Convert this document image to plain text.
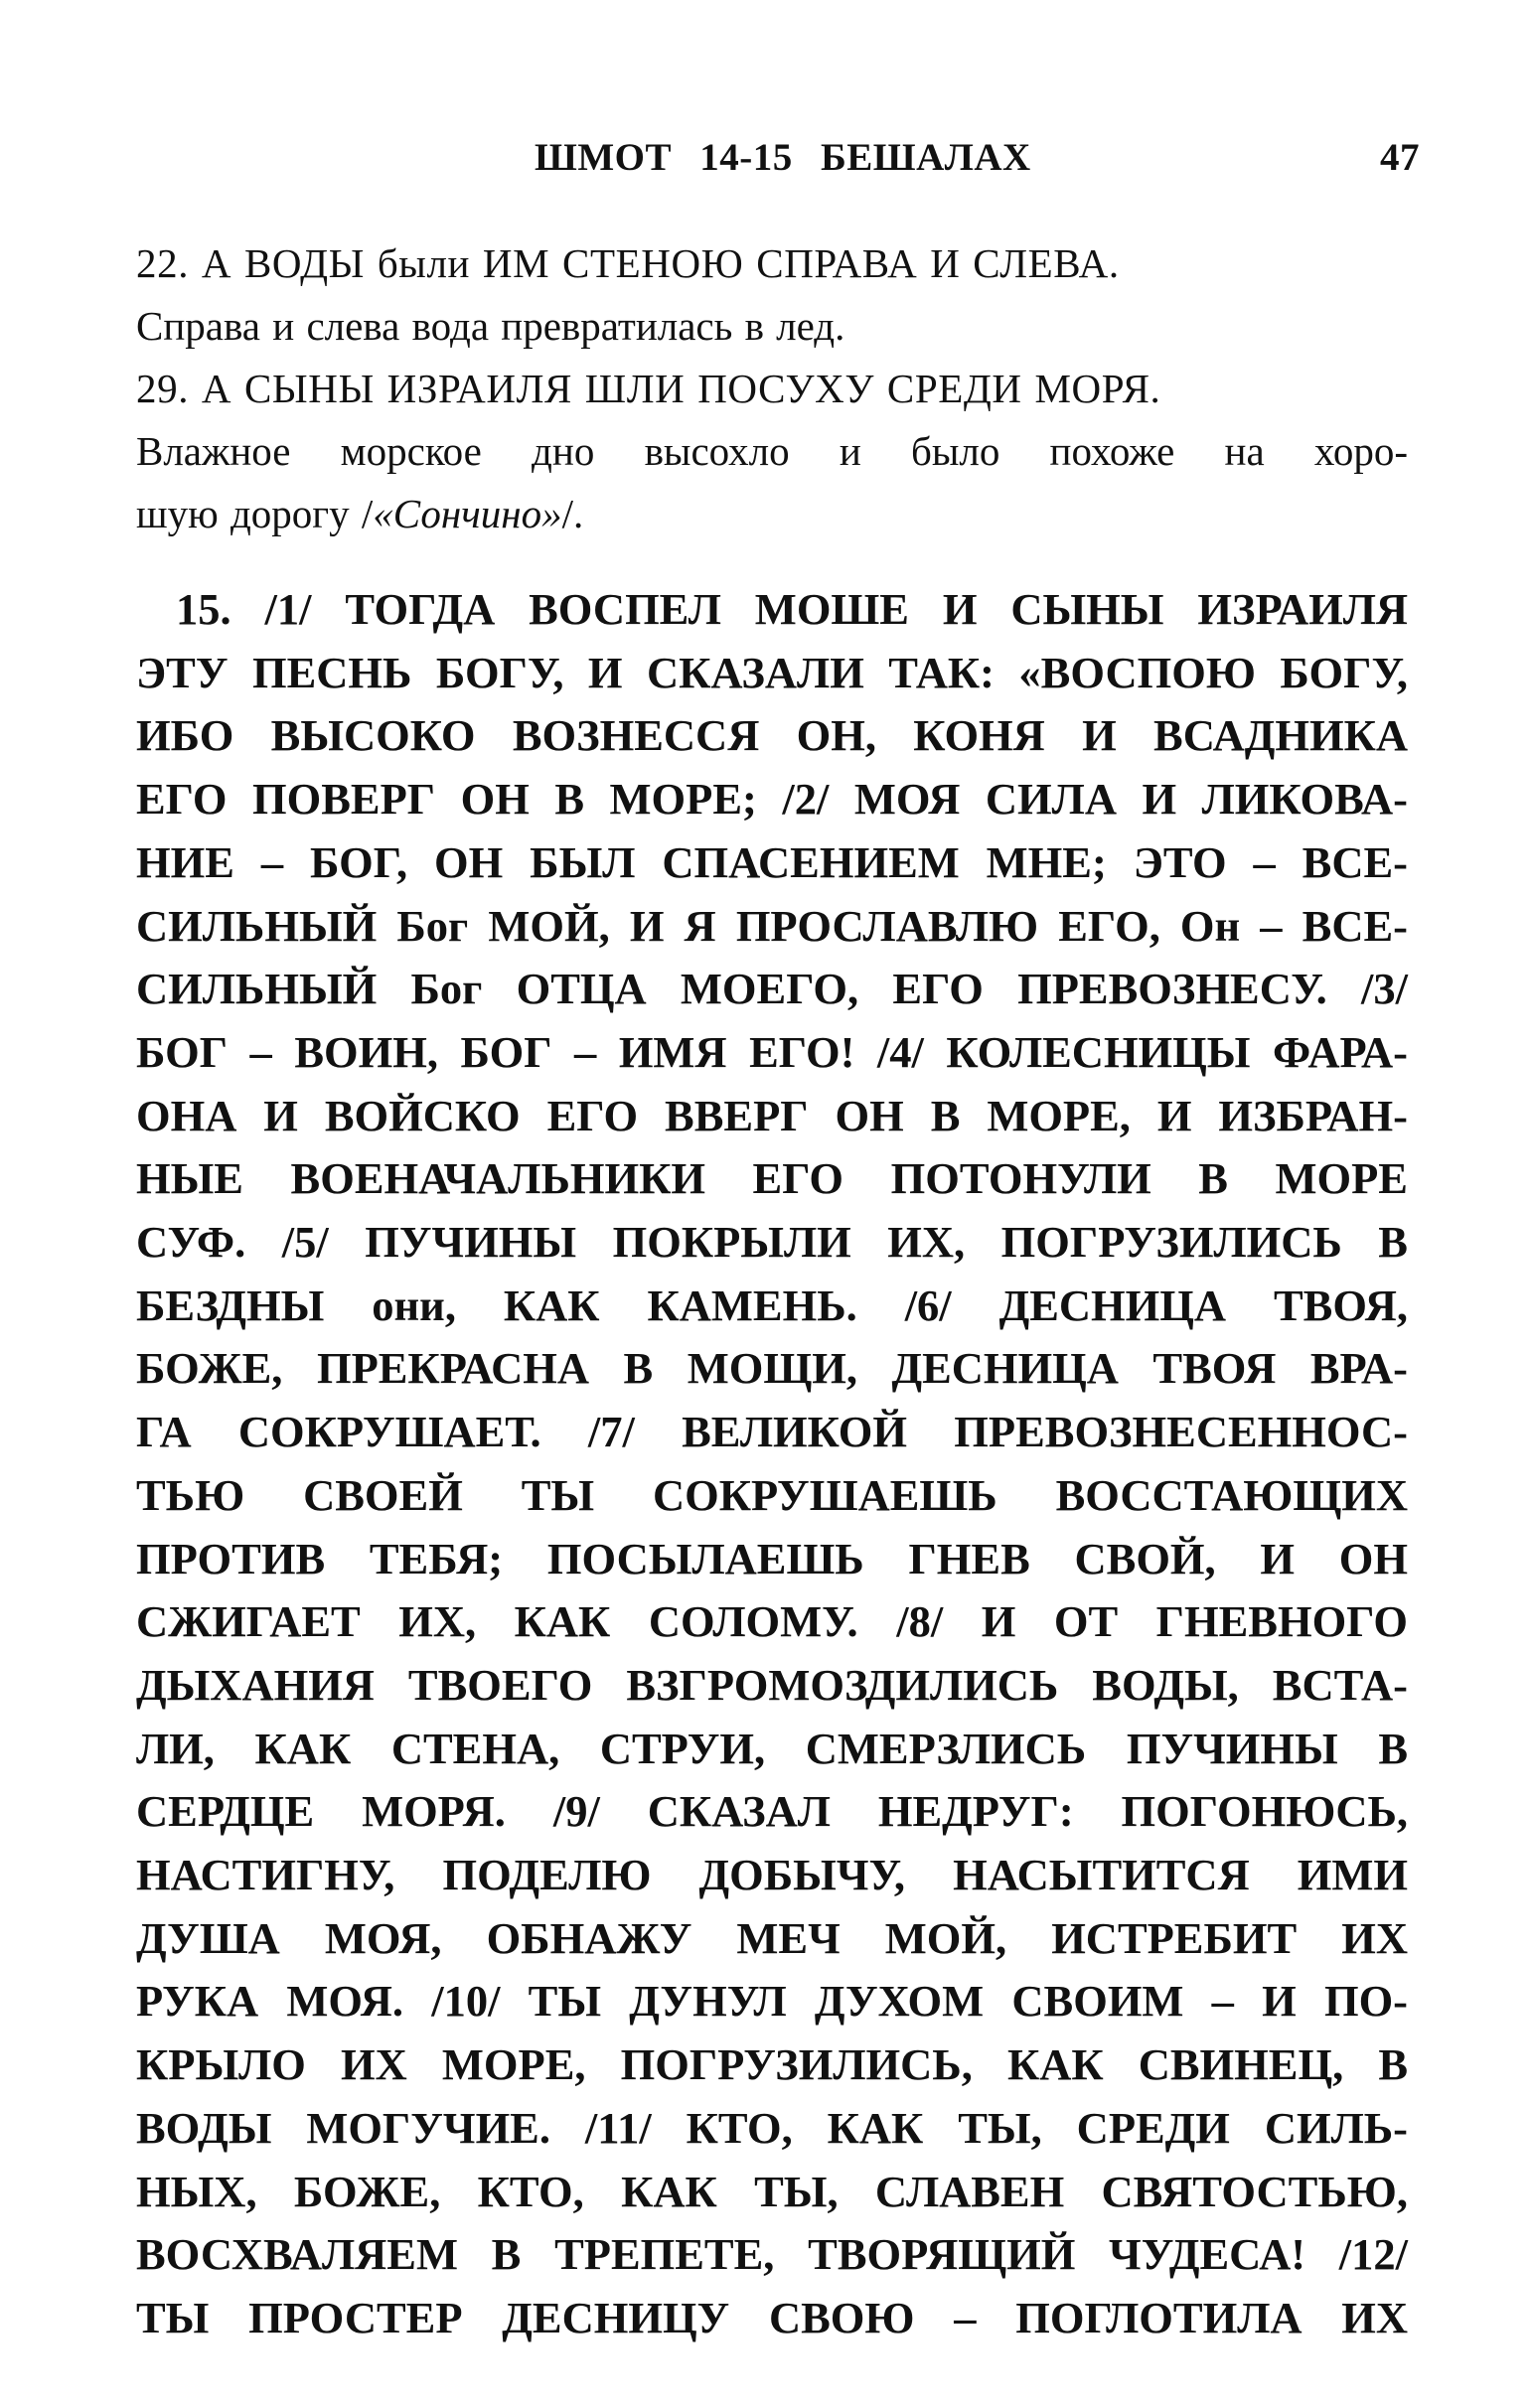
ШМОТ 14-15 БЕШАЛАХ	47

22. А ВОДЫ были ИМ СТЕНОЮ СПРАВА И СЛЕВА.

Справа и слева вода превратилась в лед.

29. А СЫНЫ ИЗРАИЛЯ ШЛИ ПОСУХУ СРЕДИ МОРЯ.

Влажное морское дно высохло и было похоже на хоро-

шую дорогу /«Сончино»/.

15. /1/ ТОГДА ВОСПЕЛ МОШЕ И СЫНЫ ИЗРАИЛЯ
ЭТУ ПЕСНЬ БОГУ, И СКАЗАЛИ ТАК: «ВОСПОЮ БОГУ,
ИБО ВЫСОКО ВОЗНЕССЯ ОН, КОНЯ И ВСАДНИКА
ЕГО ПОВЕРГ ОН В МОРЕ; /2/ МОЯ СИЛА И ЛИКОВА-
НИЕ – БОГ, ОН БЫЛ СПАСЕНИЕМ МНЕ; ЭТО – ВСЕ-
СИЛЬНЫЙ Бог МОЙ, И Я ПРОСЛАВЛЮ ЕГО, Он – ВСЕ-
СИЛЬНЫЙ Бог ОТЦА МОЕГО, ЕГО ПРЕВОЗНЕСУ. /3/
БОГ – ВОИН, БОГ – ИМЯ ЕГО! /4/ КОЛЕСНИЦЫ ФАРА-
ОНА И ВОЙСКО ЕГО ВВЕРГ ОН В МОРЕ, И ИЗБРАН-
НЫЕ ВОЕНАЧАЛЬНИКИ ЕГО ПОТОНУЛИ В МОРЕ
СУФ. /5/ ПУЧИНЫ ПОКРЫЛИ ИХ, ПОГРУЗИЛИСЬ В
БЕЗДНЫ они, КАК КАМЕНЬ. /6/ ДЕСНИЦА ТВОЯ,
БОЖЕ, ПРЕКРАСНА В МОЩИ, ДЕСНИЦА ТВОЯ ВРА-
ГА СОКРУШАЕТ. /7/ ВЕЛИКОЙ ПРЕВОЗНЕСЕННОС-
ТЬЮ СВОЕЙ ТЫ СОКРУШАЕШЬ ВОССТАЮЩИХ
ПРОТИВ ТЕБЯ; ПОСЫЛАЕШЬ ГНЕВ СВОЙ, И ОН
СЖИГАЕТ ИХ, КАК СОЛОМУ. /8/ И ОТ ГНЕВНОГО
ДЫХАНИЯ ТВОЕГО ВЗГРОМОЗДИЛИСЬ ВОДЫ, ВСТА-
ЛИ, КАК СТЕНА, СТРУИ, СМЕРЗЛИСЬ ПУЧИНЫ В
СЕРДЦЕ МОРЯ. /9/ СКАЗАЛ НЕДРУГ: ПОГОНЮСЬ,
НАСТИГНУ, ПОДЕЛЮ ДОБЫЧУ, НАСЫТИТСЯ ИМИ
ДУША МОЯ, ОБНАЖУ МЕЧ МОЙ, ИСТРЕБИТ ИХ
РУКА МОЯ. /10/ ТЫ ДУНУЛ ДУХОМ СВОИМ – И ПО-
КРЫЛО ИХ МОРЕ, ПОГРУЗИЛИСЬ, КАК СВИНЕЦ, В
ВОДЫ МОГУЧИЕ. /11/ КТО, КАК ТЫ, СРЕДИ СИЛЬ-
НЫХ, БОЖЕ, КТО, КАК ТЫ, СЛАВЕН СВЯТОСТЬЮ,
ВОСХВАЛЯЕМ В ТРЕПЕТЕ, ТВОРЯЩИЙ ЧУДЕСА! /12/
ТЫ ПРОСТЕР ДЕСНИЦУ СВОЮ – ПОГЛОТИЛА ИХ
